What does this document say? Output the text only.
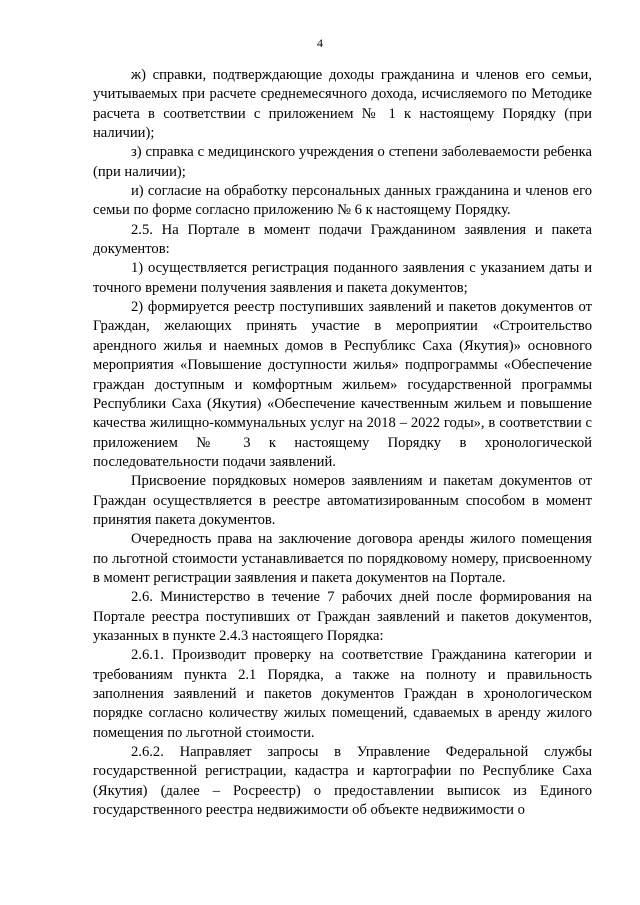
4

ж) справки, подтверждающие доходы гражданина и членов его семьи, учитываемых при расчете среднемесячного дохода, исчисляемого по Методике расчета в соответствии с приложением № 1 к настоящему Порядку (при наличии);

з) справка с медицинского учреждения о степени заболеваемости ребенка (при наличии);

и) согласие на обработку персональных данных гражданина и членов его семьи по форме согласно приложению № 6 к настоящему Порядку.

2.5. На Портале в момент подачи Гражданином заявления и пакета документов:

1) осуществляется регистрация поданного заявления с указанием даты и точного времени получения заявления и пакета документов;

2) формируется реестр поступивших заявлений и пакетов документов от Граждан, желающих принять участие в мероприятии «Строительство арендного жилья и наемных домов в Республикс Саха (Якутия)» основного мероприятия «Повышение доступности жилья» подпрограммы «Обеспечение граждан доступным и комфортным жильем» государственной программы Республики Саха (Якутия) «Обеспечение качественным жильем и повышение качества жилищно-коммунальных услуг на 2018 – 2022 годы», в соответствии с приложением № 3 к настоящему Порядку в хронологической последовательности подачи заявлений.

Присвоение порядковых номеров заявлениям и пакетам документов от Граждан осуществляется в реестре автоматизированным способом в момент принятия пакета документов.

Очередность права на заключение договора аренды жилого помещения по льготной стоимости устанавливается по порядковому номеру, присвоенному в момент регистрации заявления и пакета документов на Портале.

2.6. Министерство в течение 7 рабочих дней после формирования на Портале реестра поступивших от Граждан заявлений и пакетов документов, указанных в пункте 2.4.3 настоящего Порядка:

2.6.1. Производит проверку на соответствие Гражданина категории и требованиям пункта 2.1 Порядка, а также на полноту и правильность заполнения заявлений и пакетов документов Граждан в хронологическом порядке согласно количеству жилых помещений, сдаваемых в аренду жилого помещения по льготной стоимости.

2.6.2. Направляет запросы в Управление Федеральной службы государственной регистрации, кадастра и картографии по Республике Саха (Якутия) (далее – Росреестр) о предоставлении выписок из Единого государственного реестра недвижимости об объекте недвижимости о
